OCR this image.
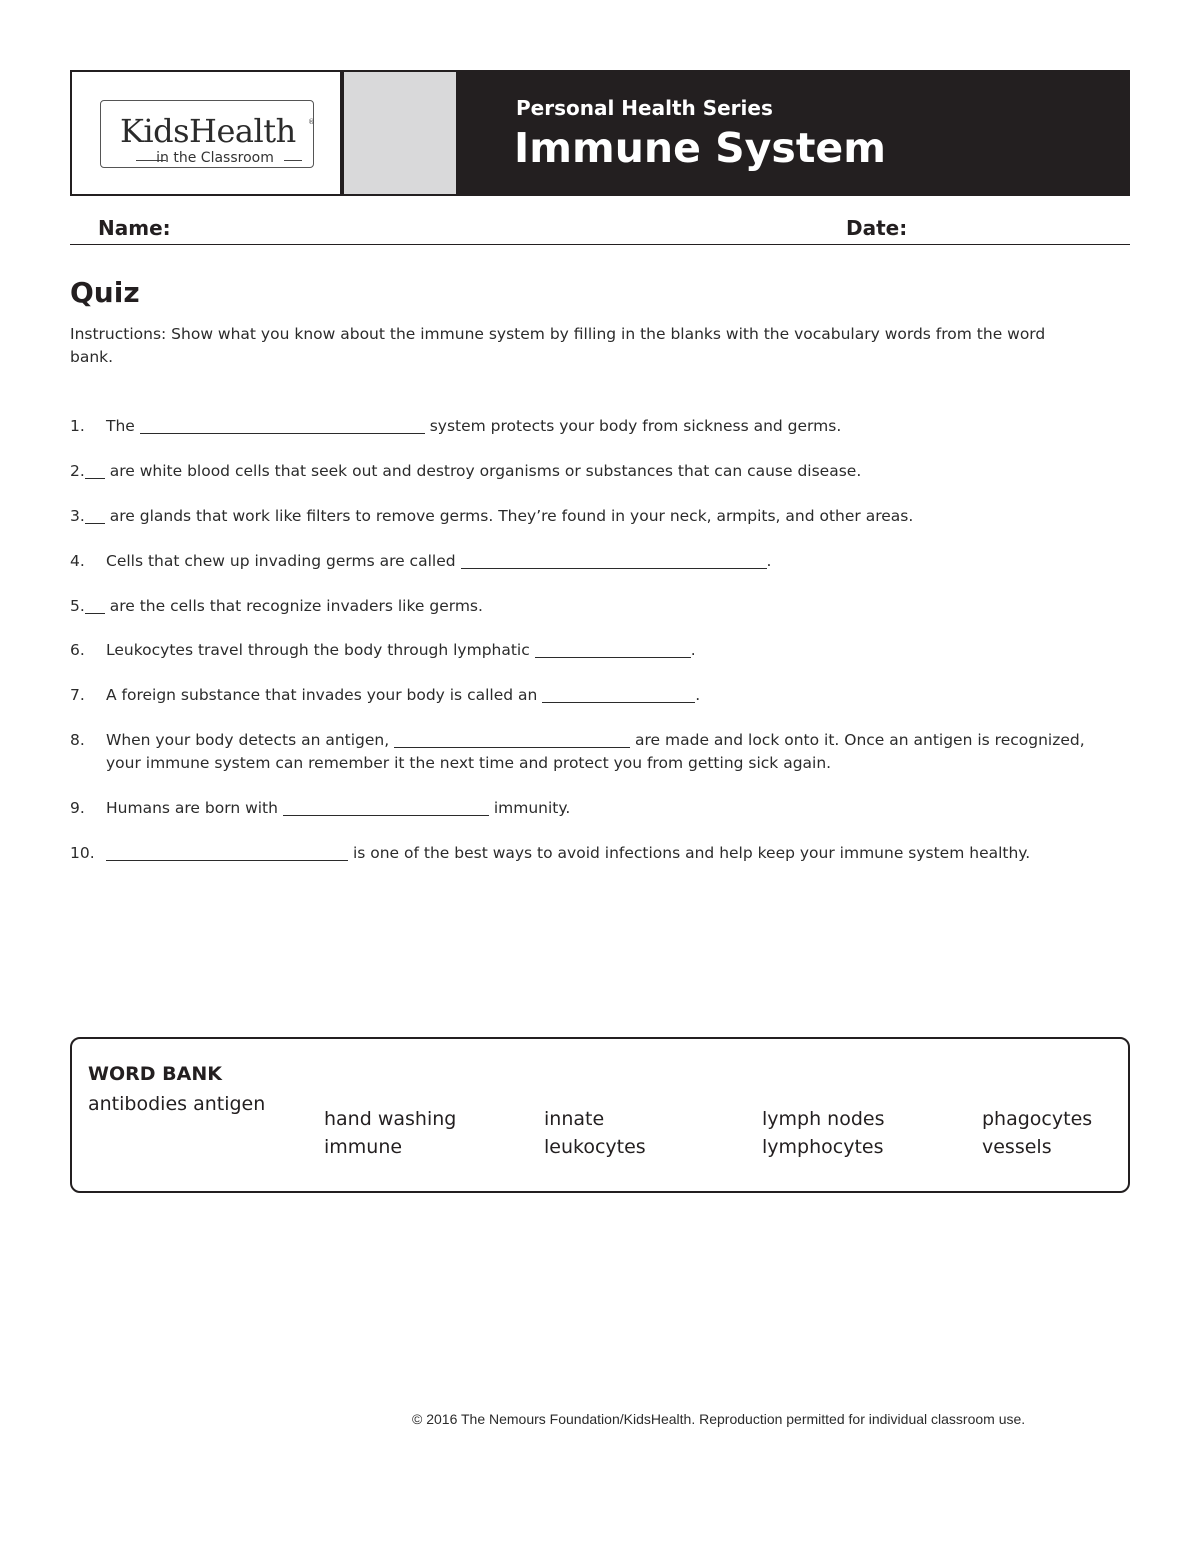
KidsHealth ®
in the Classroom
Personal Health Series
Immune System
Name:	Date:
Quiz
Instructions: Show what you know about the immune system by filling in the blanks with the vocabulary words from the word bank.
1. The	system protects your body from sickness and germs.
2. are white blood cells that seek out and destroy organisms or substances that can cause disease.
3. are glands that work like filters to remove germs. They’re found in your neck, armpits, and other areas.
4. Cells that chew up invading germs are called	.
5. are the cells that recognize invaders like germs.
6. Leukocytes travel through the body through lymphatic	.
7. A foreign substance that invades your body is called an	.
8. When your body detects an antigen,	are made and lock onto it. Once an antigen is recognized,
your immune system can remember it the next time and protect you from getting sick again.
9. Humans are born with	immunity.
10.	is one of the best ways to avoid infections and help keep your immune system healthy.
WORD BANK
antibodies antigen
hand washing
immune
innate
leukocytes
lymph nodes
lymphocytes
phagocytes
vessels
© 2016 The Nemours Foundation/KidsHealth. Reproduction permitted for individual classroom use.
